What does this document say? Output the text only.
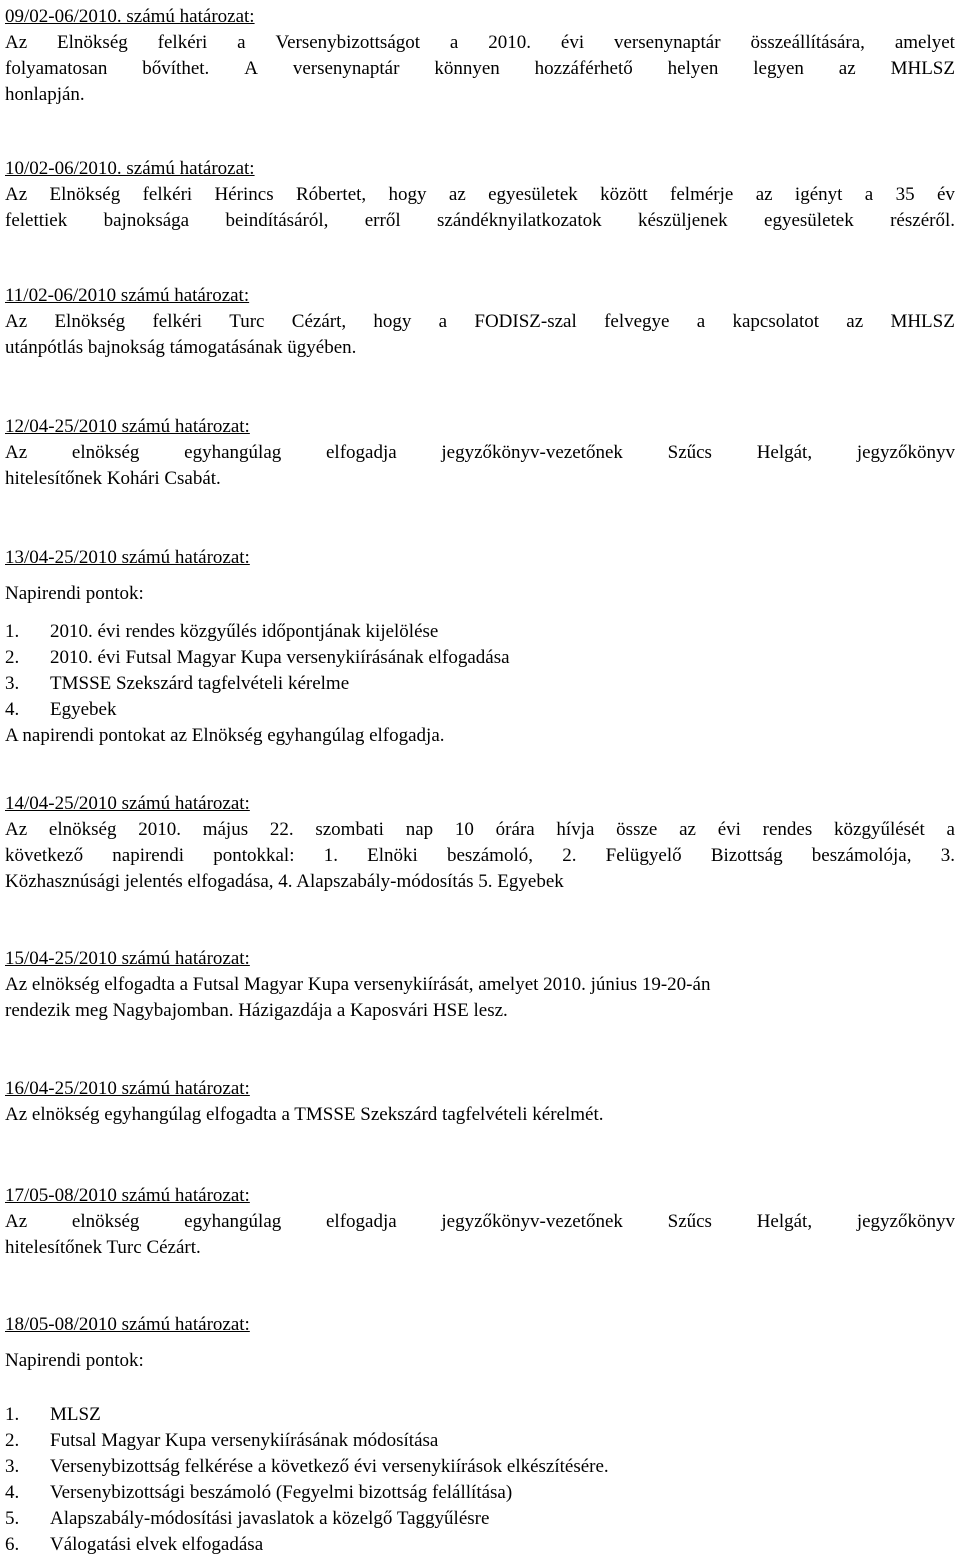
09/02-06/2010. számú határozat:
Az Elnökség felkéri a Versenybizottságot a 2010. évi versenynaptár összeállítására, amelyet
folyamatosan bővíthet. A versenynaptár könnyen hozzáférhető helyen legyen az MHLSZ
honlapján.
10/02-06/2010. számú határozat:
Az Elnökség felkéri Hérincs Róbertet, hogy az egyesületek között felmérje az igényt a 35 év
felettiek bajnoksága beindításáról, erről szándéknyilatkozatok készüljenek egyesületek részéről.
11/02-06/2010 számú határozat:
Az Elnökség felkéri Turc Cézárt, hogy a FODISZ-szal felvegye a kapcsolatot az MHLSZ
utánpótlás bajnokság támogatásának ügyében.
12/04-25/2010 számú határozat:
Az elnökség egyhangúlag elfogadja jegyzőkönyv-vezetőnek Szűcs Helgát, jegyzőkönyv
hitelesítőnek Kohári Csabát.
13/04-25/2010 számú határozat:
Napirendi pontok:
1. 2010. évi rendes közgyűlés időpontjának kijelölése
2. 2010. évi Futsal Magyar Kupa versenykiírásának elfogadása
3. TMSSE Szekszárd tagfelvételi kérelme
4. Egyebek
A napirendi pontokat az Elnökség egyhangúlag elfogadja.
14/04-25/2010 számú határozat:
Az elnökség 2010. május 22. szombati nap 10 órára hívja össze az évi rendes közgyűlését a
következő napirendi pontokkal: 1. Elnöki beszámoló, 2. Felügyelő Bizottság beszámolója, 3.
Közhasznúsági jelentés elfogadása, 4. Alapszabály-módosítás 5. Egyebek
15/04-25/2010 számú határozat:
Az elnökség elfogadta a Futsal Magyar Kupa versenykiírását, amelyet 2010. június 19-20-án
rendezik meg Nagybajomban. Házigazdája a Kaposvári HSE lesz.
16/04-25/2010 számú határozat:
Az elnökség egyhangúlag elfogadta a TMSSE Szekszárd tagfelvételi kérelmét.
17/05-08/2010 számú határozat:
Az elnökség egyhangúlag elfogadja jegyzőkönyv-vezetőnek Szűcs Helgát, jegyzőkönyv
hitelesítőnek Turc Cézárt.
18/05-08/2010 számú határozat:
Napirendi pontok:
1. MLSZ
2. Futsal Magyar Kupa versenykiírásának módosítása
3. Versenybizottság felkérése a következő évi versenykiírások elkészítésére.
4. Versenybizottsági beszámoló (Fegyelmi bizottság felállítása)
5. Alapszabály-módosítási javaslatok a közelgő Taggyűlésre
6. Válogatási elvek elfogadása
